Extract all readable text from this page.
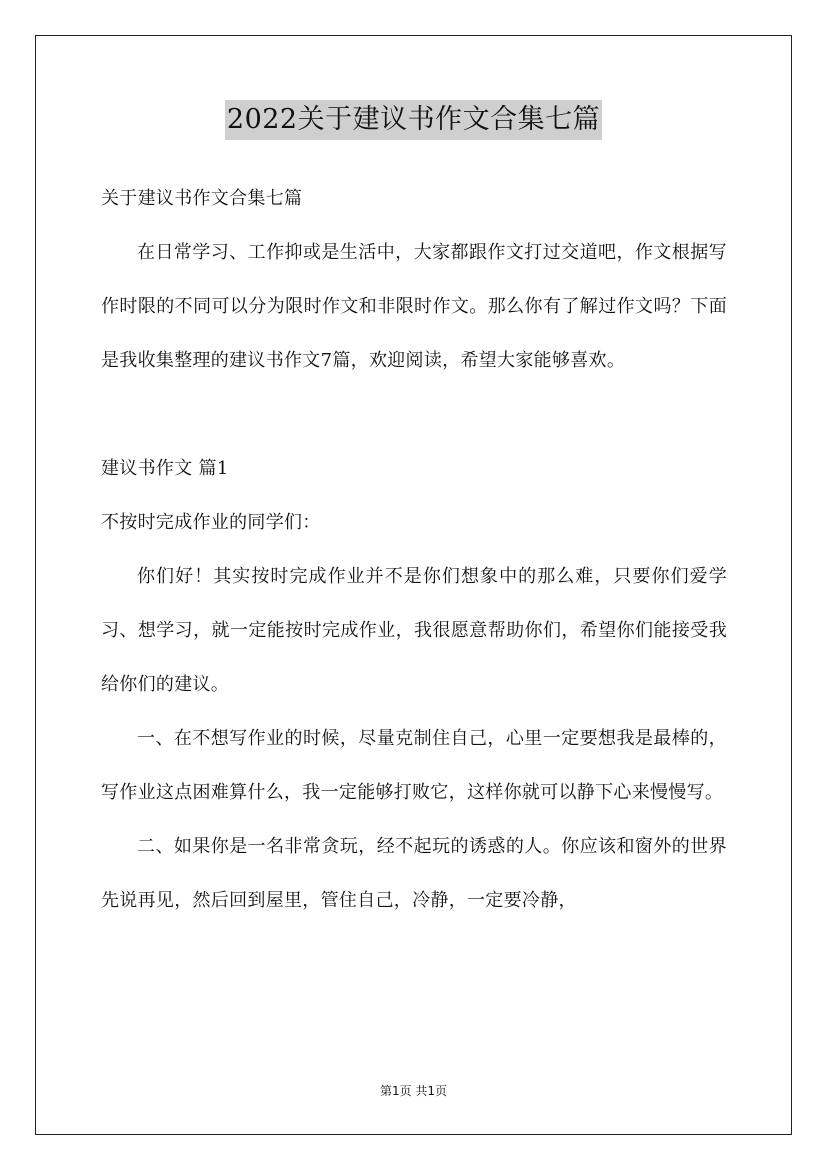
2022关于建议书作文合集七篇

关于建议书作文合集七篇

在日常学习、工作抑或是生活中，大家都跟作文打过交道吧，作文根据写作时限的不同可以分为限时作文和非限时作文。那么你有了解过作文吗？下面是我收集整理的建议书作文7篇，欢迎阅读，希望大家能够喜欢。

建议书作文 篇1

不按时完成作业的同学们：

你们好！其实按时完成作业并不是你们想象中的那么难，只要你们爱学习、想学习，就一定能按时完成作业，我很愿意帮助你们，希望你们能接受我给你们的建议。

一、在不想写作业的时候，尽量克制住自己，心里一定要想我是最棒的，写作业这点困难算什么，我一定能够打败它，这样你就可以静下心来慢慢写。

二、如果你是一名非常贪玩，经不起玩的诱惑的人。你应该和窗外的世界先说再见，然后回到屋里，管住自己，冷静，一定要冷静，

第1页 共1页
